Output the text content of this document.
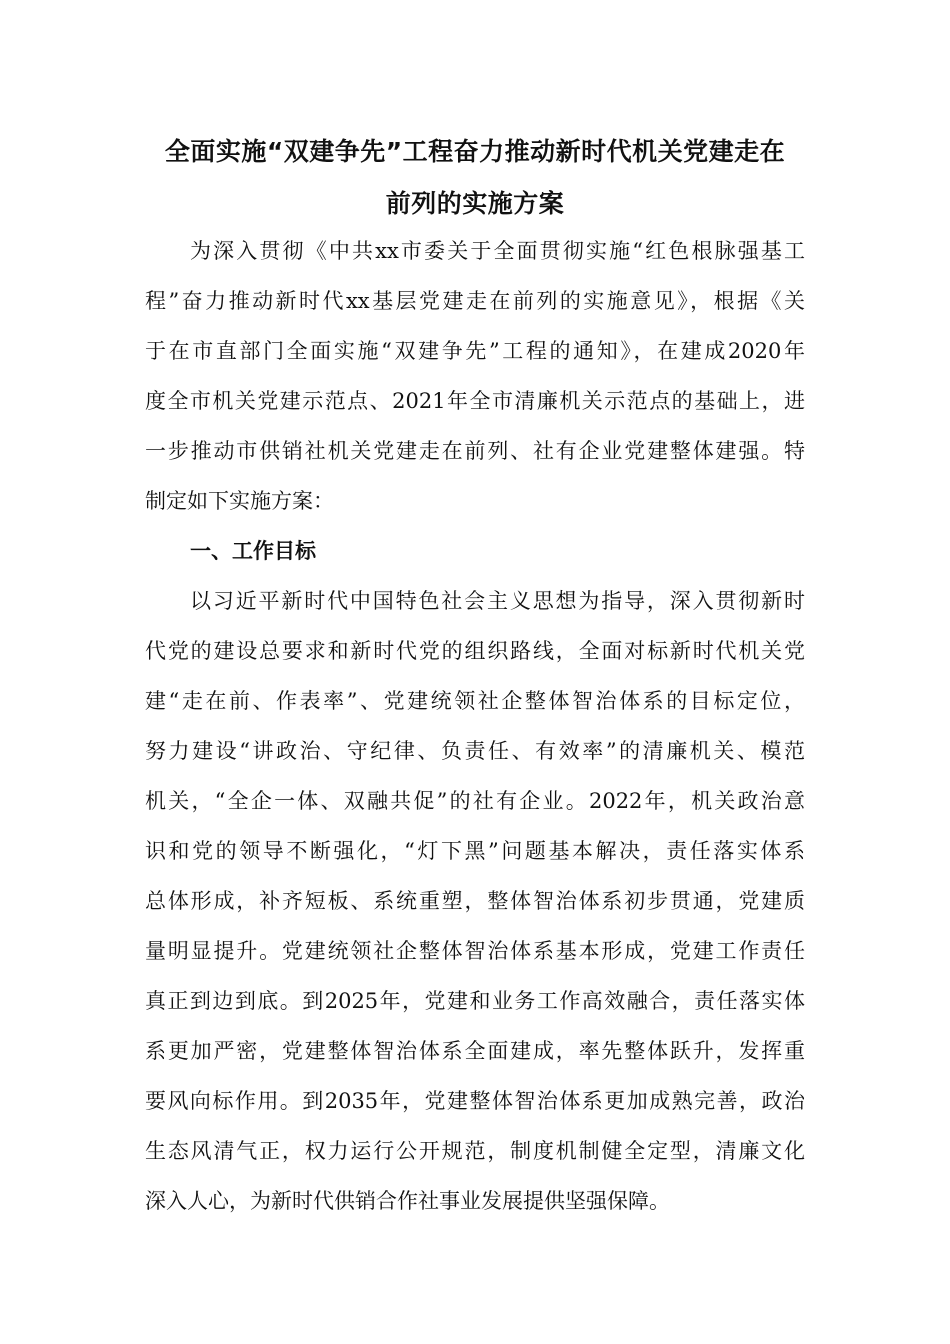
全面实施“双建争先”工程奋力推动新时代机关党建走在
前列的实施方案
为深入贯彻《中共xx市委关于全面贯彻实施“红色根脉强基工
程”奋力推动新时代xx基层党建走在前列的实施意见》，根据《关
于在市直部门全面实施“双建争先”工程的通知》，在建成2020年
度全市机关党建示范点、2021年全市清廉机关示范点的基础上，进
一步推动市供销社机关党建走在前列、社有企业党建整体建强。特
制定如下实施方案：
一、工作目标
以习近平新时代中国特色社会主义思想为指导，深入贯彻新时
代党的建设总要求和新时代党的组织路线，全面对标新时代机关党
建“走在前、作表率”、党建统领社企整体智治体系的目标定位，
努力建设“讲政治、守纪律、负责任、有效率”的清廉机关、模范
机关，“全企一体、双融共促”的社有企业。2022年，机关政治意
识和党的领导不断强化，“灯下黑”问题基本解决，责任落实体系
总体形成，补齐短板、系统重塑，整体智治体系初步贯通，党建质
量明显提升。党建统领社企整体智治体系基本形成，党建工作责任
真正到边到底。到2025年，党建和业务工作高效融合，责任落实体
系更加严密，党建整体智治体系全面建成，率先整体跃升，发挥重
要风向标作用。到2035年，党建整体智治体系更加成熟完善，政治
生态风清气正，权力运行公开规范，制度机制健全定型，清廉文化
深入人心，为新时代供销合作社事业发展提供坚强保障。
